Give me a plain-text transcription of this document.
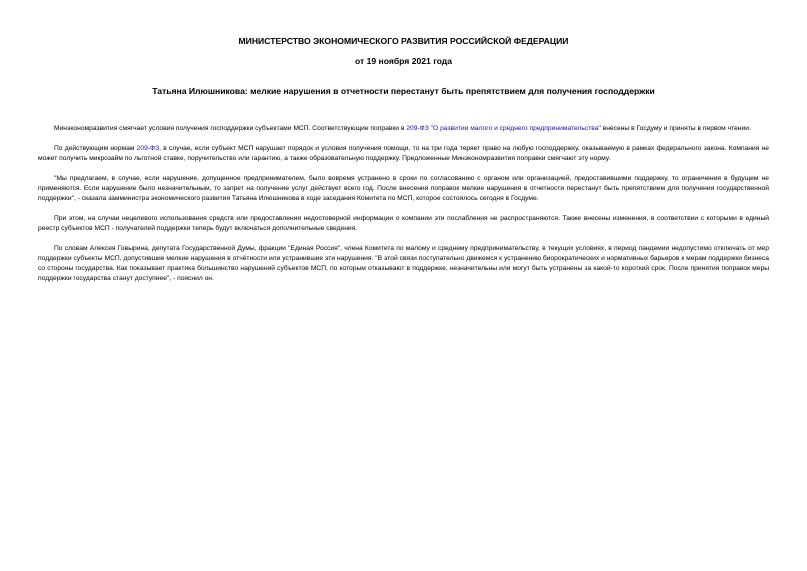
МИНИСТЕРСТВО ЭКОНОМИЧЕСКОГО РАЗВИТИЯ РОССИЙСКОЙ ФЕДЕРАЦИИ
от 19 ноября 2021 года
Татьяна Илюшникова: мелкие нарушения в отчетности перестанут быть препятствием для получения господдержки

Минэкономразвития смягчает условия получения господдержки субъектами МСП. Соответствующие поправки в 209-ФЗ "О развитии малого и среднего предпринимательства" внесены в Госдуму и приняты в первом чтении.

По действующим нормам 209-ФЗ, в случае, если субъект МСП нарушает порядок и условия получения помощи, то на три года теряет право на любую господдержку, оказываемую в рамках федерального закона. Компания не может получить микрозайм по льготной ставке, поручительство или гарантию, а также образовательную поддержку. Предложенные Минэкономразвития поправки смягчают эту норму.

"Мы предлагаем, в случае, если нарушение, допущенное предпринимателем, было вовремя устранено в сроки по согласованию с органом или организацией, предоставившими поддержку, то ограничения в будущем не применяются. Если нарушение было незначительным, то запрет на получение услуг действует всего год. После внесения поправок мелкие нарушения в отчетности перестанут быть препятствием для получения государственной поддержки", - сказала замминистра экономического развития Татьяна Илюшникова в ходе заседания Комитета по МСП, которое состоялось сегодня в Госдуме.

При этом, на случаи нецелевого использования средств или предоставления недостоверной информации о компании эти послабления не распространяются. Также внесены изменения, в соответствии с которыми в единый реестр субъектов МСП - получателей поддержки теперь будут включаться дополнительные сведения.

По словам Алексея Говырина, депутата Государственной Думы, фракции "Единая Россия", члена Комитета по малому и среднему предпринимательству, в текущих условиях, в период пандемии недопустимо отключать от мер поддержки субъекты МСП, допустившие мелкие нарушения в отчётности или устранившие эти нарушения. "В этой связи поступательно движемся к устранению биорократических и нормативных барьеров к мерам поддержки бизнеса со стороны государства. Как показывает практика большинство нарушений субъектов МСП, по которым отказывают в поддержке, незначительны или могут быть устранены за какой-то короткий срок. После принятия поправок меры поддержки государства станут доступнее", - пояснил он.
